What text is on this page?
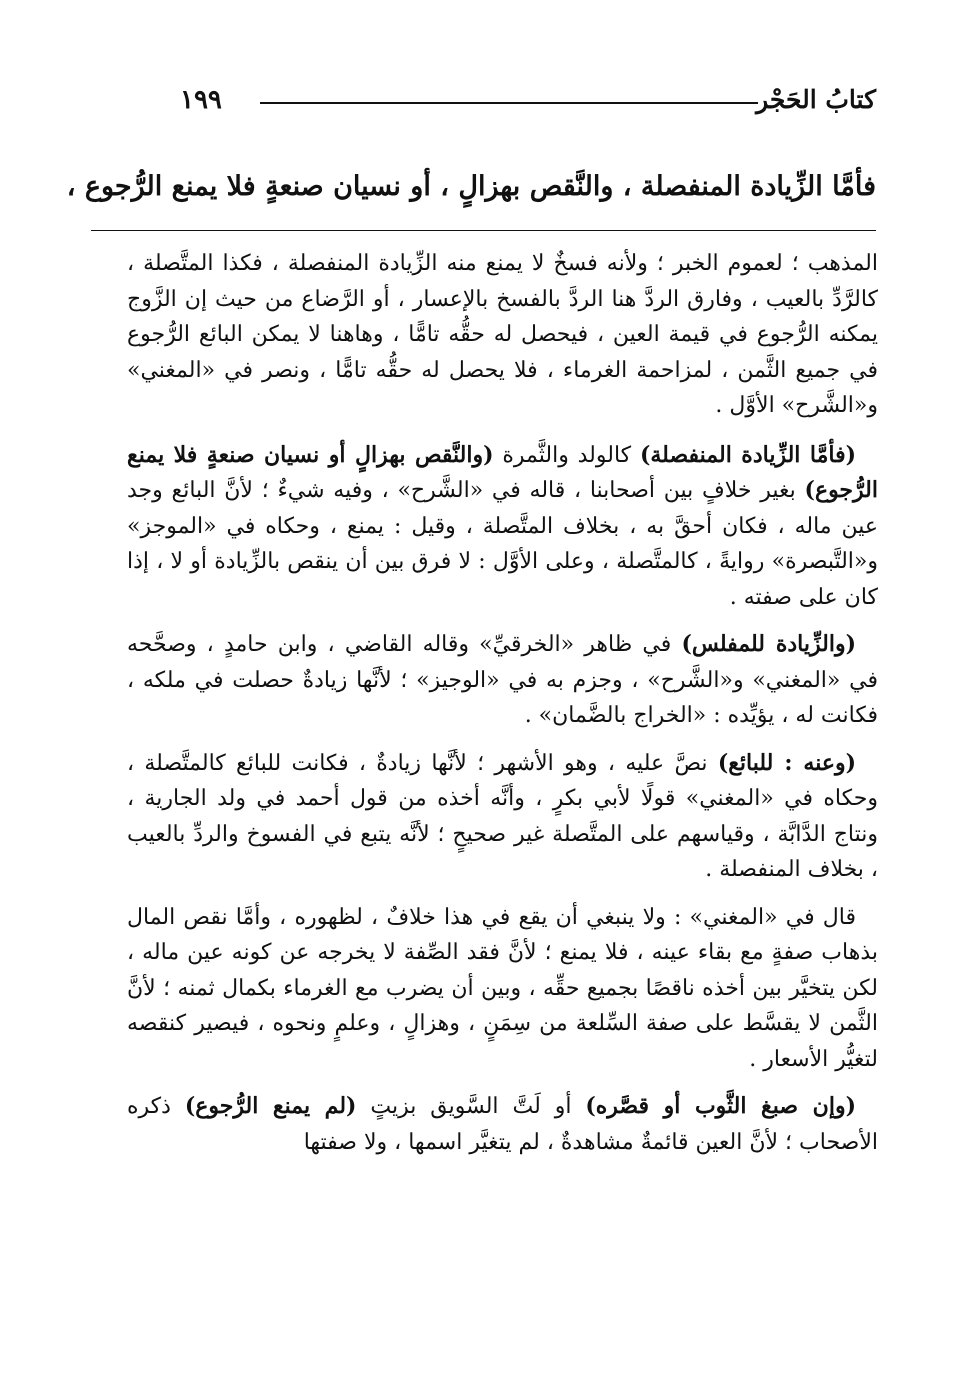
كتابُ الحَجْر
١٩٩
فأمَّا الزِّيادة المنفصلة ، والنَّقص بهزالٍ ، أو نسيان صنعةٍ فلا يمنع الرُّجوع ،

المذهب ؛ لعموم الخبر ؛ ولأنه فسخٌ لا يمنع منه الزِّيادة المنفصلة ، فكذا المتَّصلة ، كالرَّدِّ بالعيب ، وفارق الردَّ هنا الردَّ بالفسخ بالإعسار ، أو الرَّضاع من حيث إن الزَّوج يمكنه الرُّجوع في قيمة العين ، فيحصل له حقُّه تامًّا ، وهاهنا لا يمكن البائع الرُّجوع في جميع الثَّمن ، لمزاحمة الغرماء ، فلا يحصل له حقُّه تامًّا ، ونصر في «المغني» و«الشَّرح» الأوَّل .

(فأمَّا الزِّيادة المنفصلة) كالولد والثَّمرة (والنَّقص بهزالٍ أو نسيان صنعةٍ فلا يمنع الرُّجوع) بغير خلافٍ بين أصحابنا ، قاله في «الشَّرح» ، وفيه شيءٌ ؛ لأنَّ البائع وجد عين ماله ، فكان أحقَّ به ، بخلاف المتَّصلة ، وقيل : يمنع ، وحكاه في «الموجز» و«التَّبصرة» روايةً ، كالمتَّصلة ، وعلى الأوَّل : لا فرق بين أن ينقص بالزِّيادة أو لا ، إذا كان على صفته .

(والزِّيادة للمفلس) في ظاهر «الخرقيِّ» وقاله القاضي ، وابن حامدٍ ، وصحَّحه في «المغني» و«الشَّرح» ، وجزم به في «الوجيز» ؛ لأنَّها زيادةٌ حصلت في ملكه ، فكانت له ، يؤيِّده : «الخراج بالضَّمان» .

(وعنه : للبائع) نصَّ عليه ، وهو الأشهر ؛ لأنَّها زيادةٌ ، فكانت للبائع كالمتَّصلة ، وحكاه في «المغني» قولًا لأبي بكرٍ ، وأنَّه أخذه من قول أحمد في ولد الجارية ، ونتاج الدَّابَّة ، وقياسهم على المتَّصلة غير صحيحٍ ؛ لأنَّه يتبع في الفسوخ والردِّ بالعيب ، بخلاف المنفصلة .

قال في «المغني» : ولا ينبغي أن يقع في هذا خلافٌ ، لظهوره ، وأمَّا نقص المال بذهاب صفةٍ مع بقاء عينه ، فلا يمنع ؛ لأنَّ فقد الصِّفة لا يخرجه عن كونه عين ماله ، لكن يتخيَّر بين أخذه ناقصًا بجميع حقِّه ، وبين أن يضرب مع الغرماء بكمال ثمنه ؛ لأنَّ الثَّمن لا يقسَّط على صفة السِّلعة من سِمَنٍ ، وهزالٍ ، وعلمٍ ونحوه ، فيصير كنقصه لتغيُّر الأسعار .

(وإن صبغ الثَّوب أو قصَّره) أو لَتَّ السَّويق بزيتٍ (لم يمنع الرُّجوع) ذكره الأصحاب ؛ لأنَّ العين قائمةٌ مشاهدةٌ ، لم يتغيَّر اسمها ، ولا صفتها
